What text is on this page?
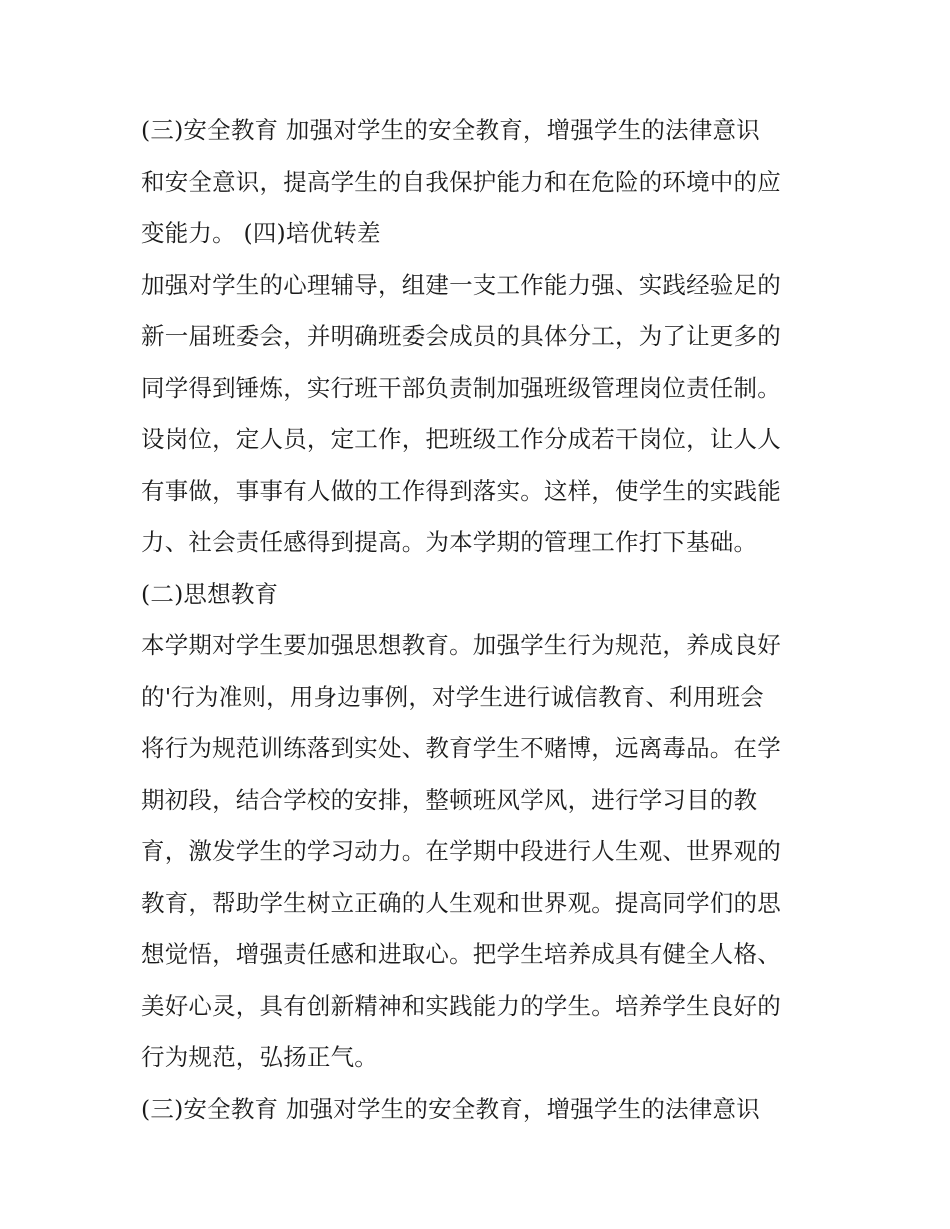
(三)安全教育 加强对学生的安全教育，增强学生的法律意识
和安全意识，提高学生的自我保护能力和在危险的环境中的应
变能力。 (四)培优转差
加强对学生的心理辅导，组建一支工作能力强、实践经验足的
新一届班委会，并明确班委会成员的具体分工，为了让更多的
同学得到锤炼，实行班干部负责制加强班级管理岗位责任制。
设岗位，定人员，定工作，把班级工作分成若干岗位，让人人
有事做，事事有人做的工作得到落实。这样，使学生的实践能
力、社会责任感得到提高。为本学期的管理工作打下基础。
(二)思想教育
本学期对学生要加强思想教育。加强学生行为规范，养成良好
的'行为准则，用身边事例，对学生进行诚信教育、利用班会
将行为规范训练落到实处、教育学生不赌博，远离毒品。在学
期初段，结合学校的安排，整顿班风学风，进行学习目的教
育，激发学生的学习动力。在学期中段进行人生观、世界观的
教育，帮助学生树立正确的人生观和世界观。提高同学们的思
想觉悟，增强责任感和进取心。把学生培养成具有健全人格、
美好心灵，具有创新精神和实践能力的学生。培养学生良好的
行为规范，弘扬正气。
(三)安全教育 加强对学生的安全教育，增强学生的法律意识
